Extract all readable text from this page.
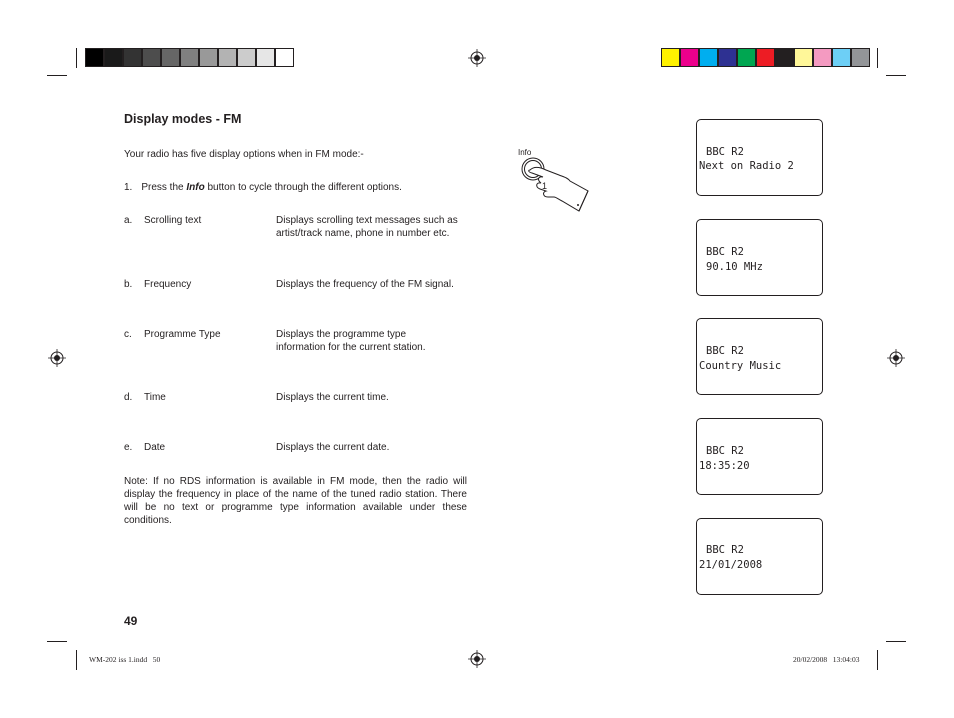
Display modes - FM
Your radio has five display options when in FM mode:-
1. Press the Info button to cycle through the different options.
a. Scrolling text	Displays scrolling text messages such as
artist/track name, phone in number etc.
b. Frequency	Displays the frequency of the FM signal.
c. Programme Type	Displays the programme type
information for the current station.
d. Time	Displays the current time.
e. Date	Displays the current date.
Note: If no RDS information is available in FM mode, then the radio will display the frequency in place of the name of the tuned radio station. There will be no text or programme type information available under these conditions.
49
Info
1
BBC R2
Next on Radio 2
BBC R2
90.10 MHz
BBC R2
Country Music
BBC R2
18:35:20
BBC R2
21/01/2008
WM-202 iss 1.indd   50	20/02/2008   13:04:03
